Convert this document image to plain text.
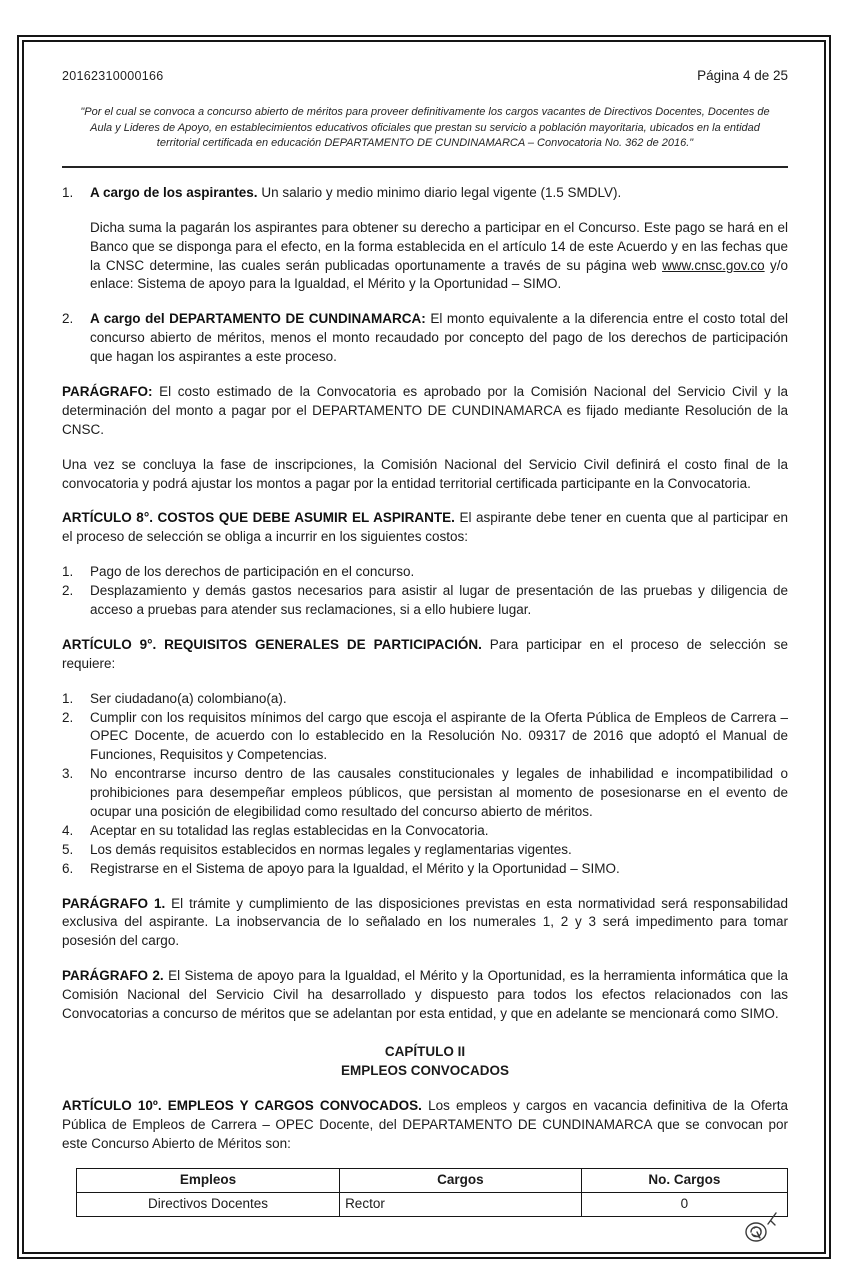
20162310000166	Página 4 de 25
"Por el cual se convoca a concurso abierto de méritos para proveer definitivamente los cargos vacantes de Directivos Docentes, Docentes de Aula y Lideres de Apoyo, en establecimientos educativos oficiales que prestan su servicio a población mayoritaria, ubicados en la entidad territorial certificada en educación DEPARTAMENTO DE CUNDINAMARCA – Convocatoria No. 362 de 2016."
1.	A cargo de los aspirantes. Un salario y medio minimo diario legal vigente (1.5 SMDLV).

Dicha suma la pagarán los aspirantes para obtener su derecho a participar en el Concurso. Este pago se hará en el Banco que se disponga para el efecto, en la forma establecida en el artículo 14 de este Acuerdo y en las fechas que la CNSC determine, las cuales serán publicadas oportunamente a través de su página web www.cnsc.gov.co y/o enlace: Sistema de apoyo para la Igualdad, el Mérito y la Oportunidad – SIMO.

2.	A cargo del DEPARTAMENTO DE CUNDINAMARCA: El monto equivalente a la diferencia entre el costo total del concurso abierto de méritos, menos el monto recaudado por concepto del pago de los derechos de participación que hagan los aspirantes a este proceso.

PARÁGRAFO: El costo estimado de la Convocatoria es aprobado por la Comisión Nacional del Servicio Civil y la determinación del monto a pagar por el DEPARTAMENTO DE CUNDINAMARCA es fijado mediante Resolución de la CNSC.

Una vez se concluya la fase de inscripciones, la Comisión Nacional del Servicio Civil definirá el costo final de la convocatoria y podrá ajustar los montos a pagar por la entidad territorial certificada participante en la Convocatoria.

ARTÍCULO 8°. COSTOS QUE DEBE ASUMIR EL ASPIRANTE. El aspirante debe tener en cuenta que al participar en el proceso de selección se obliga a incurrir en los siguientes costos:

1.	Pago de los derechos de participación en el concurso.
2.	Desplazamiento y demás gastos necesarios para asistir al lugar de presentación de las pruebas y diligencia de acceso a pruebas para atender sus reclamaciones, si a ello hubiere lugar.

ARTÍCULO 9°. REQUISITOS GENERALES DE PARTICIPACIÓN. Para participar en el proceso de selección se requiere:

1.	Ser ciudadano(a) colombiano(a).
2.	Cumplir con los requisitos mínimos del cargo que escoja el aspirante de la Oferta Pública de Empleos de Carrera – OPEC Docente, de acuerdo con lo establecido en la Resolución No. 09317 de 2016 que adoptó el Manual de Funciones, Requisitos y Competencias.
3.	No encontrarse incurso dentro de las causales constitucionales y legales de inhabilidad e incompatibilidad o prohibiciones para desempeñar empleos públicos, que persistan al momento de posesionarse en el evento de ocupar una posición de elegibilidad como resultado del concurso abierto de méritos.
4.	Aceptar en su totalidad las reglas establecidas en la Convocatoria.
5.	Los demás requisitos establecidos en normas legales y reglamentarias vigentes.
6.	Registrarse en el Sistema de apoyo para la Igualdad, el Mérito y la Oportunidad – SIMO.

PARÁGRAFO 1. El trámite y cumplimiento de las disposiciones previstas en esta normatividad será responsabilidad exclusiva del aspirante. La inobservancia de lo señalado en los numerales 1, 2 y 3 será impedimento para tomar posesión del cargo.

PARÁGRAFO 2. El Sistema de apoyo para la Igualdad, el Mérito y la Oportunidad, es la herramienta informática que la Comisión Nacional del Servicio Civil ha desarrollado y dispuesto para todos los efectos relacionados con las Convocatorias a concurso de méritos que se adelantan por esta entidad, y que en adelante se mencionará como SIMO.

CAPÍTULO II
EMPLEOS CONVOCADOS

ARTÍCULO 10º. EMPLEOS Y CARGOS CONVOCADOS. Los empleos y cargos en vacancia definitiva de la Oferta Pública de Empleos de Carrera – OPEC Docente, del DEPARTAMENTO DE CUNDINAMARCA que se convocan por este Concurso Abierto de Méritos son:

Empleos	Cargos	No. Cargos
Directivos Docentes	Rector	0
